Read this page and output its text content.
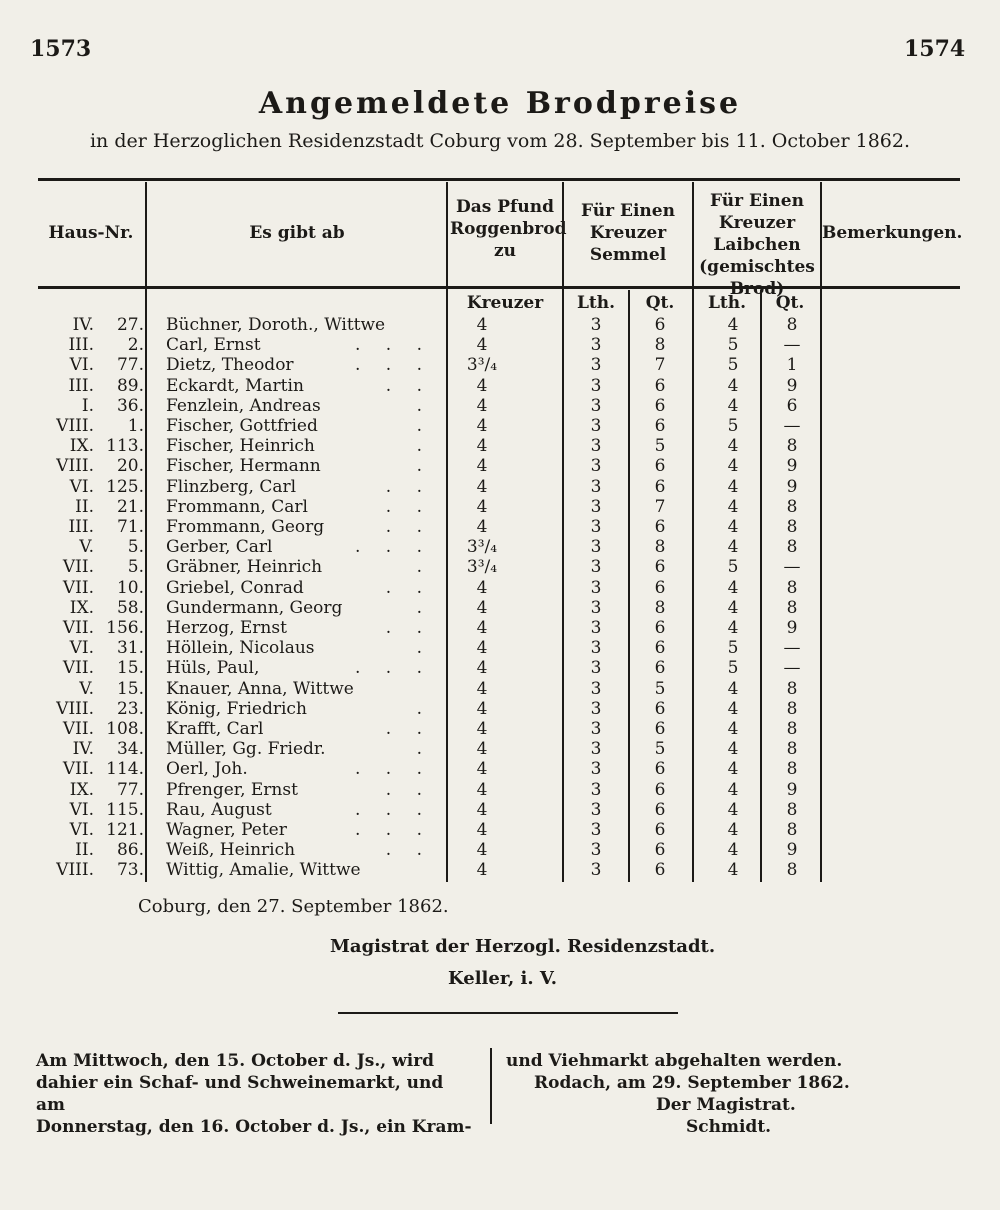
1573	1574
Angemeldete Brodpreise
in der Herzoglichen Residenzstadt Coburg vom 28. September bis 11. October 1862.
Haus-Nr.	Es gibt ab
Das Pfund Roggenbrod zu
Für Einen Kreuzer Semmel
Für Einen Kreuzer Laibchen (gemischtes Brod)
Bemerkungen.
Kreuzer	Lth.	Qt.	Lth.	Qt.
IV.	27. Büchner, Doroth., Wittwe	4	3	6	4	8
III.	2. Carl, Ernst	. . .	4	3	8	5	—
VI.	77. Dietz, Theodor	. . . 3³/₄	3	7	5	1
III.	89. Eckardt, Martin	. .	4	3	6	4	9
I.	36. Fenzlein, Andreas	.	4	3	6	4	6
VIII.	1. Fischer, Gottfried	.	4	3	6	5	—
IX. 113. Fischer, Heinrich	.	4	3	5	4	8
VIII.	20. Fischer, Hermann	.	4	3	6	4	9
VI. 125. Flinzberg, Carl	. .	4	3	6	4	9
II.	21. Frommann, Carl	. .	4	3	7	4	8
III.	71. Frommann, Georg	. .	4	3	6	4	8
V.	5. Gerber, Carl	. . . 3³/₄	3	8	4	8
VII.	5. Gräbner, Heinrich	. 3³/₄	3	6	5	—
VII.	10. Griebel, Conrad	. .	4	3	6	4	8
IX.	58. Gundermann, Georg	.	4	3	8	4	8
VII. 156. Herzog, Ernst	. .	4	3	6	4	9
VI.	31. Höllein, Nicolaus	.	4	3	6	5	—
VII.	15. Hüls, Paul,	. . .	4	3	6	5	—
V.	15. Knauer, Anna, Wittwe	4	3	5	4	8
VIII.	23. König, Friedrich	.	4	3	6	4	8
VII. 108. Krafft, Carl	. .	4	3	6	4	8
IV.	34. Müller, Gg. Friedr.	.	4	3	5	4	8
VII. 114. Oerl, Joh.	. . .	4	3	6	4	8
IX.	77. Pfrenger, Ernst	. .	4	3	6	4	9
VI. 115. Rau, August	. . .	4	3	6	4	8
VI. 121. Wagner, Peter	. . .	4	3	6	4	8
II.	86. Weiß, Heinrich	. .	4	3	6	4	9
VIII.	73. Wittig, Amalie, Wittwe	4	3	6	4	8
Coburg, den 27. September 1862.
Magistrat der Herzogl. Residenzstadt.
Keller, i. V.
Am Mittwoch, den 15. October d. Js., wird
dahier ein Schaf- und Schweinemarkt, und am
Donnerstag, den 16. October d. Js., ein Kram-
und Viehmarkt abgehalten werden.
Rodach, am 29. September 1862.
Der Magistrat.
Schmidt.
